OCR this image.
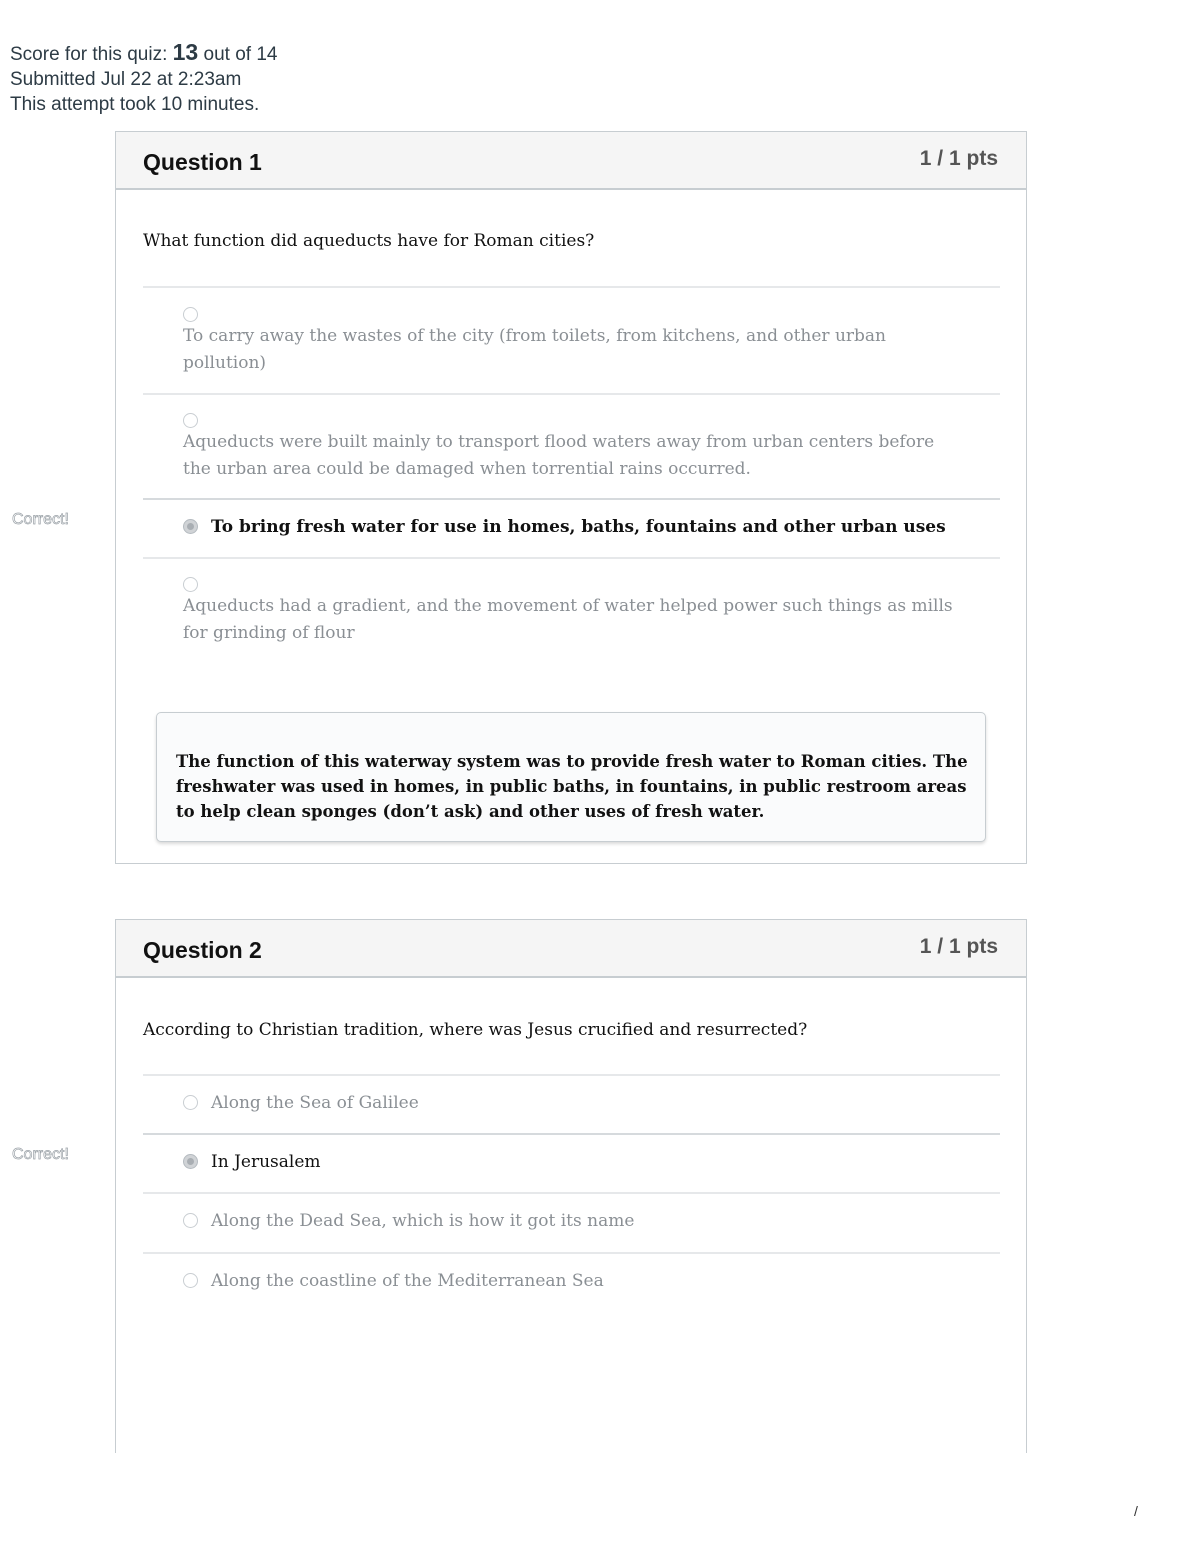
Score for this quiz: 13 out of 14
Submitted Jul 22 at 2:23am
This attempt took 10 minutes.
Correct!
Correct!
Question 1	1 / 1 pts
What function did aqueducts have for Roman cities?
To carry away the wastes of the city (from toilets, from kitchens, and other urban pollution)
Aqueducts were built mainly to transport flood waters away from urban centers before the urban area could be damaged when torrential rains occurred.
To bring fresh water for use in homes, baths, fountains and other urban uses
Aqueducts had a gradient, and the movement of water helped power such things as mills for grinding of flour
The function of this waterway system was to provide fresh water to Roman cities. The freshwater was used in homes, in public baths, in fountains, in public restroom areas to help clean sponges (don’t ask) and other uses of fresh water.
Question 2	1 / 1 pts
According to Christian tradition, where was Jesus crucified and resurrected?
Along the Sea of Galilee
In Jerusalem
Along the Dead Sea, which is how it got its name
Along the coastline of the Mediterranean Sea
/
